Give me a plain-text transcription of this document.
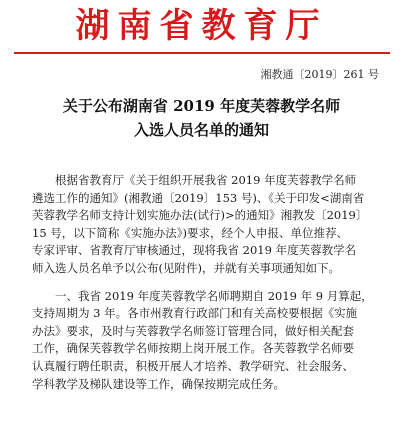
湖南省教育厅
湘教通〔2019〕261 号
关于公布湖南省 2019 年度芙蓉教学名师
入选人员名单的通知
　　根据省教育厅《关于组织开展我省 2019 年度芙蓉教学名师
遴选工作的通知》(湘教通〔2019〕153 号)、《关于印发<湖南省
芙蓉教学名师支持计划实施办法(试行)>的通知》湘教发〔2019〕
15 号，以下简称《实施办法》)要求，经个人申报、单位推荐、
专家评审、省教育厅审核通过，现将我省 2019 年度芙蓉教学名
师入选人员名单予以公布(见附件)，并就有关事项通知如下。
　　一、我省 2019 年度芙蓉教学名师聘期自 2019 年 9 月算起，
支持周期为 3 年。各市州教育行政部门和有关高校要根据《实施
办法》要求，及时与芙蓉教学名师签订管理合同，做好相关配套
工作，确保芙蓉教学名师按期上岗开展工作。各芙蓉教学名师要
认真履行聘任职责，积极开展人才培养、教学研究、社会服务、
学科教学及梯队建设等工作，确保按期完成任务。
